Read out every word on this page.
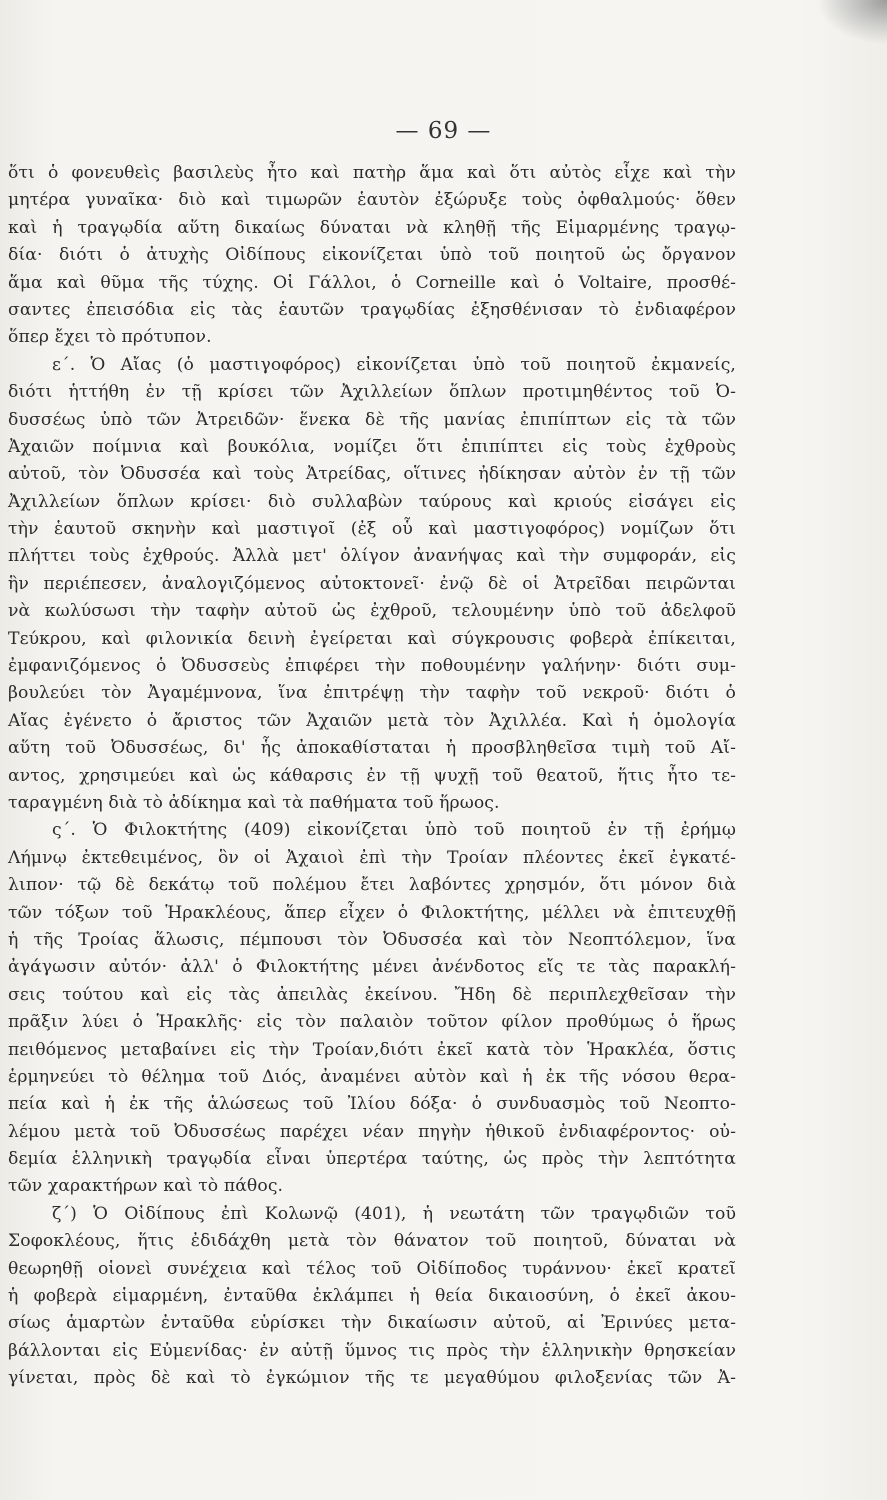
— 69 —
ὅτι ὁ φονευθεὶς βασιλεὺς ἦτο καὶ πατὴρ ἅμα καὶ ὅτι αὐτὸς εἶχε καὶ τὴν
μητέρα γυναῖκα· διὸ καὶ τιμωρῶν ἑαυτὸν ἐξώρυξε τοὺς ὀφθαλμούς· ὅθεν
καὶ ἡ τραγῳδία αὕτη δικαίως δύναται νὰ κληθῇ τῆς Εἱμαρμένης τραγῳ-
δία· διότι ὁ ἀτυχὴς Οἰδίπους εἰκονίζεται ὑπὸ τοῦ ποιητοῦ ὡς ὄργανον
ἅμα καὶ θῦμα τῆς τύχης. Οἱ Γάλλοι, ὁ Corneille καὶ ὁ Voltaire, προσθέ-
σαντες ἐπεισόδια εἰς τὰς ἑαυτῶν τραγῳδίας ἐξησθένισαν τὸ ἐνδιαφέρον
ὅπερ ἔχει τὸ πρότυπον.
ε΄. Ὁ Αἴας (ὁ μαστιγοφόρος) εἰκονίζεται ὑπὸ τοῦ ποιητοῦ ἐκμανείς,
διότι ἡττήθη ἐν τῇ κρίσει τῶν Ἀχιλλείων ὅπλων προτιμηθέντος τοῦ Ὀ-
δυσσέως ὑπὸ τῶν Ἀτρειδῶν· ἕνεκα δὲ τῆς μανίας ἐπιπίπτων εἰς τὰ τῶν
Ἀχαιῶν ποίμνια καὶ βουκόλια, νομίζει ὅτι ἐπιπίπτει εἰς τοὺς ἐχθροὺς
αὐτοῦ, τὸν Ὀδυσσέα καὶ τοὺς Ἀτρείδας, οἵτινες ἠδίκησαν αὐτὸν ἐν τῇ τῶν
Ἀχιλλείων ὅπλων κρίσει· διὸ συλλαβὼν ταύρους καὶ κριούς εἰσάγει εἰς
τὴν ἑαυτοῦ σκηνὴν καὶ μαστιγοῖ (ἐξ οὗ καὶ μαστιγοφόρος) νομίζων ὅτι
πλήττει τοὺς ἐχθρούς. Ἀλλὰ μετ' ὀλίγον ἀνανήψας καὶ τὴν συμφοράν, εἰς
ἣν περιέπεσεν, ἀναλογιζόμενος αὐτοκτονεῖ· ἐνῷ δὲ οἱ Ἀτρεῖδαι πειρῶνται
νὰ κωλύσωσι τὴν ταφὴν αὐτοῦ ὡς ἐχθροῦ, τελουμένην ὑπὸ τοῦ ἀδελφοῦ
Τεύκρου, καὶ φιλονικία δεινὴ ἐγείρεται καὶ σύγκρουσις φοβερὰ ἐπίκειται,
ἐμφανιζόμενος ὁ Ὀδυσσεὺς ἐπιφέρει τὴν ποθουμένην γαλήνην· διότι συμ-
βουλεύει τὸν Ἀγαμέμνονα, ἵνα ἐπιτρέψῃ τὴν ταφὴν τοῦ νεκροῦ· διότι ὁ
Αἴας ἐγένετο ὁ ἄριστος τῶν Ἀχαιῶν μετὰ τὸν Ἀχιλλέα. Καὶ ἡ ὁμολογία
αὕτη τοῦ Ὀδυσσέως, δι' ἧς ἀποκαθίσταται ἡ προσβληθεῖσα τιμὴ τοῦ Αἴ-
αντος, χρησιμεύει καὶ ὡς κάθαρσις ἐν τῇ ψυχῇ τοῦ θεατοῦ, ἥτις ἦτο τε-
ταραγμένη διὰ τὸ ἀδίκημα καὶ τὰ παθήματα τοῦ ἥρωος.
ς΄. Ὁ Φιλοκτήτης (409) εἰκονίζεται ὑπὸ τοῦ ποιητοῦ ἐν τῇ ἐρήμῳ
Λήμνῳ ἐκτεθειμένος, ὃν οἱ Ἀχαιοὶ ἐπὶ τὴν Τροίαν πλέοντες ἐκεῖ ἐγκατέ-
λιπον· τῷ δὲ δεκάτῳ τοῦ πολέμου ἔτει λαβόντες χρησμόν, ὅτι μόνον διὰ
τῶν τόξων τοῦ Ἡρακλέους, ἅπερ εἶχεν ὁ Φιλοκτήτης, μέλλει νὰ ἐπιτευχθῇ
ἡ τῆς Τροίας ἅλωσις, πέμπουσι τὸν Ὀδυσσέα καὶ τὸν Νεοπτόλεμον, ἵνα
ἀγάγωσιν αὐτόν· ἀλλ' ὁ Φιλοκτήτης μένει ἀνένδοτος εἴς τε τὰς παρακλή-
σεις τούτου καὶ εἰς τὰς ἀπειλὰς ἐκείνου. Ἤδη δὲ περιπλεχθεῖσαν τὴν
πρᾶξιν λύει ὁ Ἡρακλῆς· εἰς τὸν παλαιὸν τοῦτον φίλον προθύμως ὁ ἥρως
πειθόμενος μεταβαίνει εἰς τὴν Τροίαν,διότι ἐκεῖ κατὰ τὸν Ἡρακλέα, ὅστις
ἑρμηνεύει τὸ θέλημα τοῦ Διός, ἀναμένει αὐτὸν καὶ ἡ ἐκ τῆς νόσου θερα-
πεία καὶ ἡ ἐκ τῆς ἁλώσεως τοῦ Ἰλίου δόξα· ὁ συνδυασμὸς τοῦ Νεοπτο-
λέμου μετὰ τοῦ Ὀδυσσέως παρέχει νέαν πηγὴν ἠθικοῦ ἐνδιαφέροντος· οὐ-
δεμία ἑλληνικὴ τραγῳδία εἶναι ὑπερτέρα ταύτης, ὡς πρὸς τὴν λεπτότητα
τῶν χαρακτήρων καὶ τὸ πάθος.
ζ΄) Ὁ Οἰδίπους ἐπὶ Κολωνῷ (401), ἡ νεωτάτη τῶν τραγῳδιῶν τοῦ
Σοφοκλέους, ἥτις ἐδιδάχθη μετὰ τὸν θάνατον τοῦ ποιητοῦ, δύναται νὰ
θεωρηθῇ οἱονεὶ συνέχεια καὶ τέλος τοῦ Οἰδίποδος τυράννου· ἐκεῖ κρατεῖ
ἡ φοβερὰ εἱμαρμένη, ἐνταῦθα ἐκλάμπει ἡ θεία δικαιοσύνη, ὁ ἐκεῖ ἀκου-
σίως ἁμαρτὼν ἐνταῦθα εὑρίσκει τὴν δικαίωσιν αὐτοῦ, αἱ Ἐρινύες μετα-
βάλλονται εἰς Εὐμενίδας· ἐν αὐτῇ ὕμνος τις πρὸς τὴν ἑλληνικὴν θρησκείαν
γίνεται, πρὸς δὲ καὶ τὸ ἐγκώμιον τῆς τε μεγαθύμου φιλοξενίας τῶν Ἀ-
